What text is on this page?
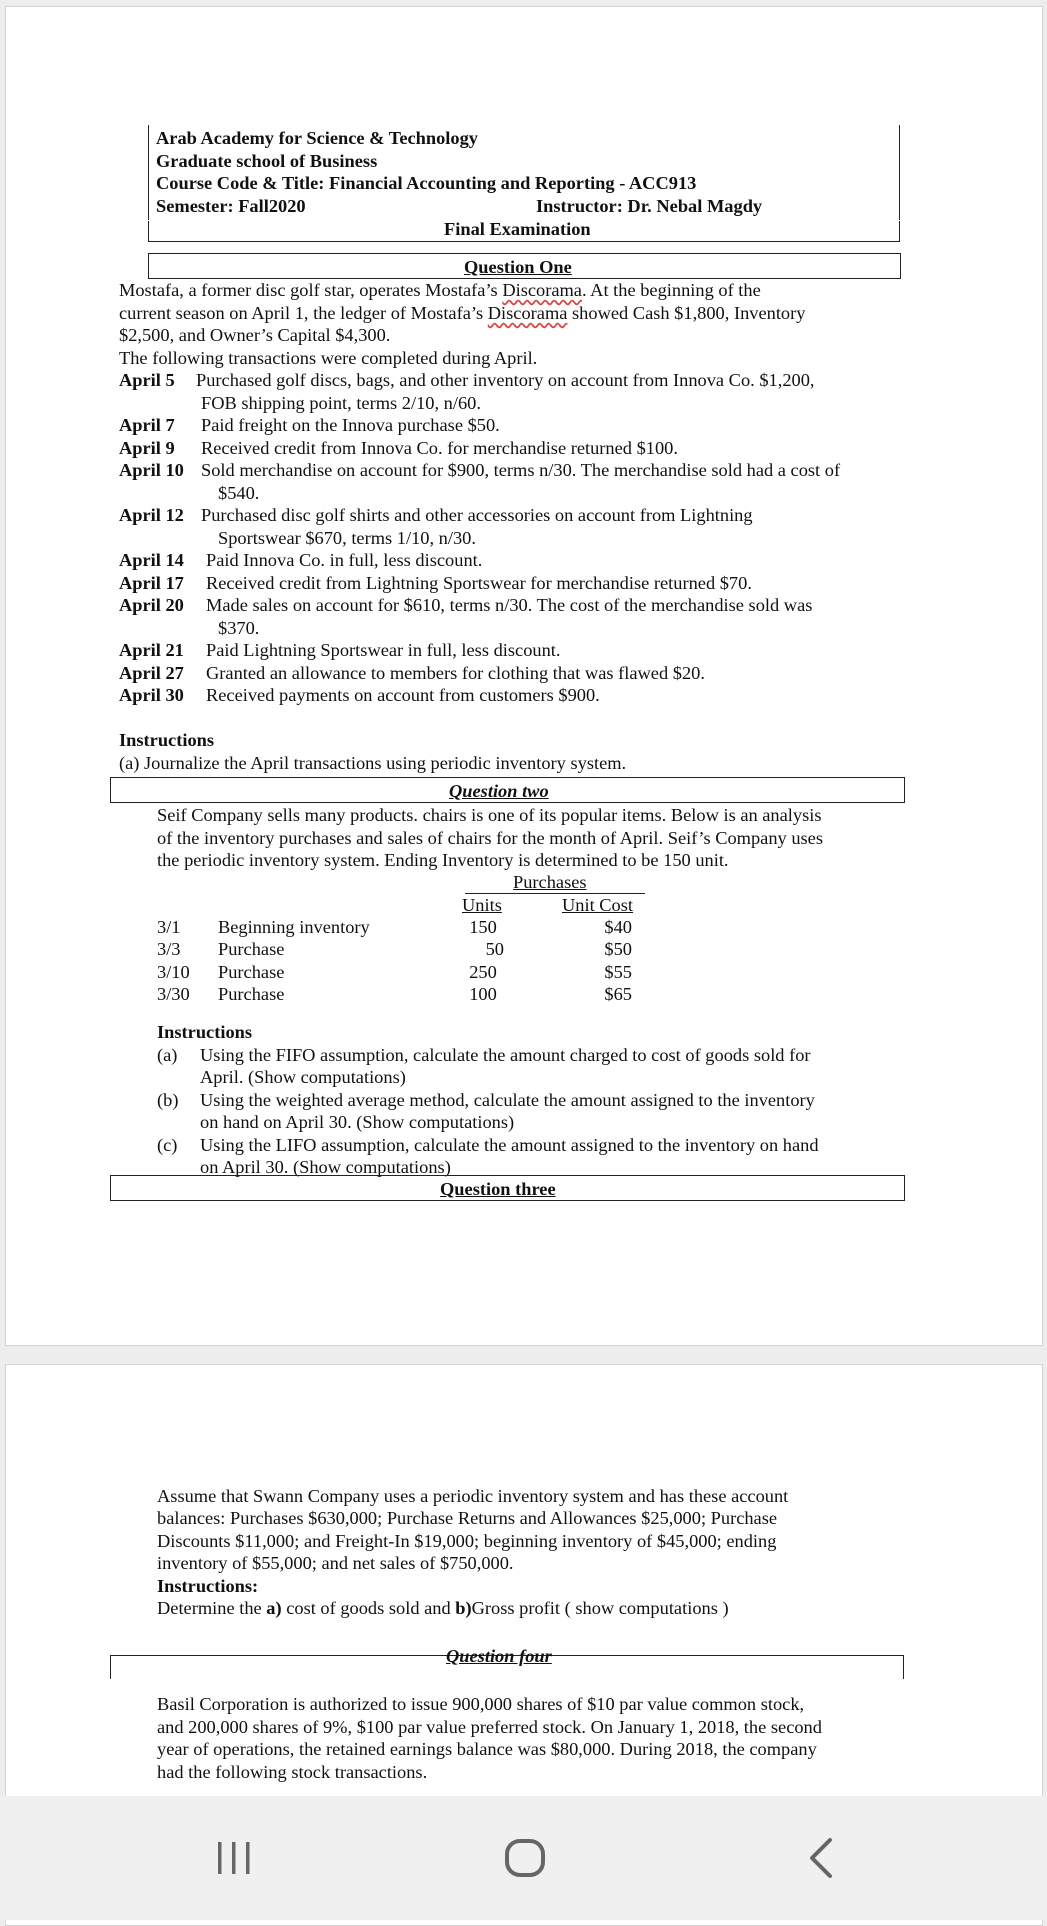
Arab Academy for Science & Technology
Graduate school of Business
Course Code & Title: Financial Accounting and Reporting - ACC913
Semester: Fall2020	Instructor: Dr. Nebal Magdy
Final Examination
Question One
Mostafa, a former disc golf star, operates Mostafa’s Discorama. At the beginning of the
current season on April 1, the ledger of Mostafa’s Discorama showed Cash $1,800, Inventory
$2,500, and Owner’s Capital $4,300.
The following transactions were completed during April.
April 5 Purchased golf discs, bags, and other inventory on account from Innova Co. $1,200,
FOB shipping point, terms 2/10, n/60.
April 7 Paid freight on the Innova purchase $50.
April 9 Received credit from Innova Co. for merchandise returned $100.
April 10 Sold merchandise on account for $900, terms n/30. The merchandise sold had a cost of
$540.
April 12 Purchased disc golf shirts and other accessories on account from Lightning
Sportswear $670, terms 1/10, n/30.
April 14 Paid Innova Co. in full, less discount.
April 17 Received credit from Lightning Sportswear for merchandise returned $70.
April 20 Made sales on account for $610, terms n/30. The cost of the merchandise sold was
$370.
April 21 Paid Lightning Sportswear in full, less discount.
April 27 Granted an allowance to members for clothing that was flawed $20.
April 30 Received payments on account from customers $900.
Instructions
(a) Journalize the April transactions using periodic inventory system.
Question two
Seif Company sells many products. chairs is one of its popular items. Below is an analysis
of the inventory purchases and sales of chairs for the month of April. Seif’s Company uses
the periodic inventory system. Ending Inventory is determined to be 150 unit.
Purchases
Units	Unit Cost
3/1 Beginning inventory	150	$40
3/3 Purchase	50	$50
3/10 Purchase	250	$55
3/30 Purchase	100	$65
Instructions
(a) Using the FIFO assumption, calculate the amount charged to cost of goods sold for
April. (Show computations)
(b) Using the weighted average method, calculate the amount assigned to the inventory
on hand on April 30. (Show computations)
(c) Using the LIFO assumption, calculate the amount assigned to the inventory on hand
on April 30. (Show computations)
Question three
Assume that Swann Company uses a periodic inventory system and has these account
balances: Purchases $630,000; Purchase Returns and Allowances $25,000; Purchase
Discounts $11,000; and Freight-In $19,000; beginning inventory of $45,000; ending
inventory of $55,000; and net sales of $750,000.
Instructions:
Determine the a) cost of goods sold and b)Gross profit ( show computations )
Question four
Basil Corporation is authorized to issue 900,000 shares of $10 par value common stock,
and 200,000 shares of 9%, $100 par value preferred stock. On January 1, 2018, the second
year of operations, the retained earnings balance was $80,000. During 2018, the company
had the following stock transactions.
